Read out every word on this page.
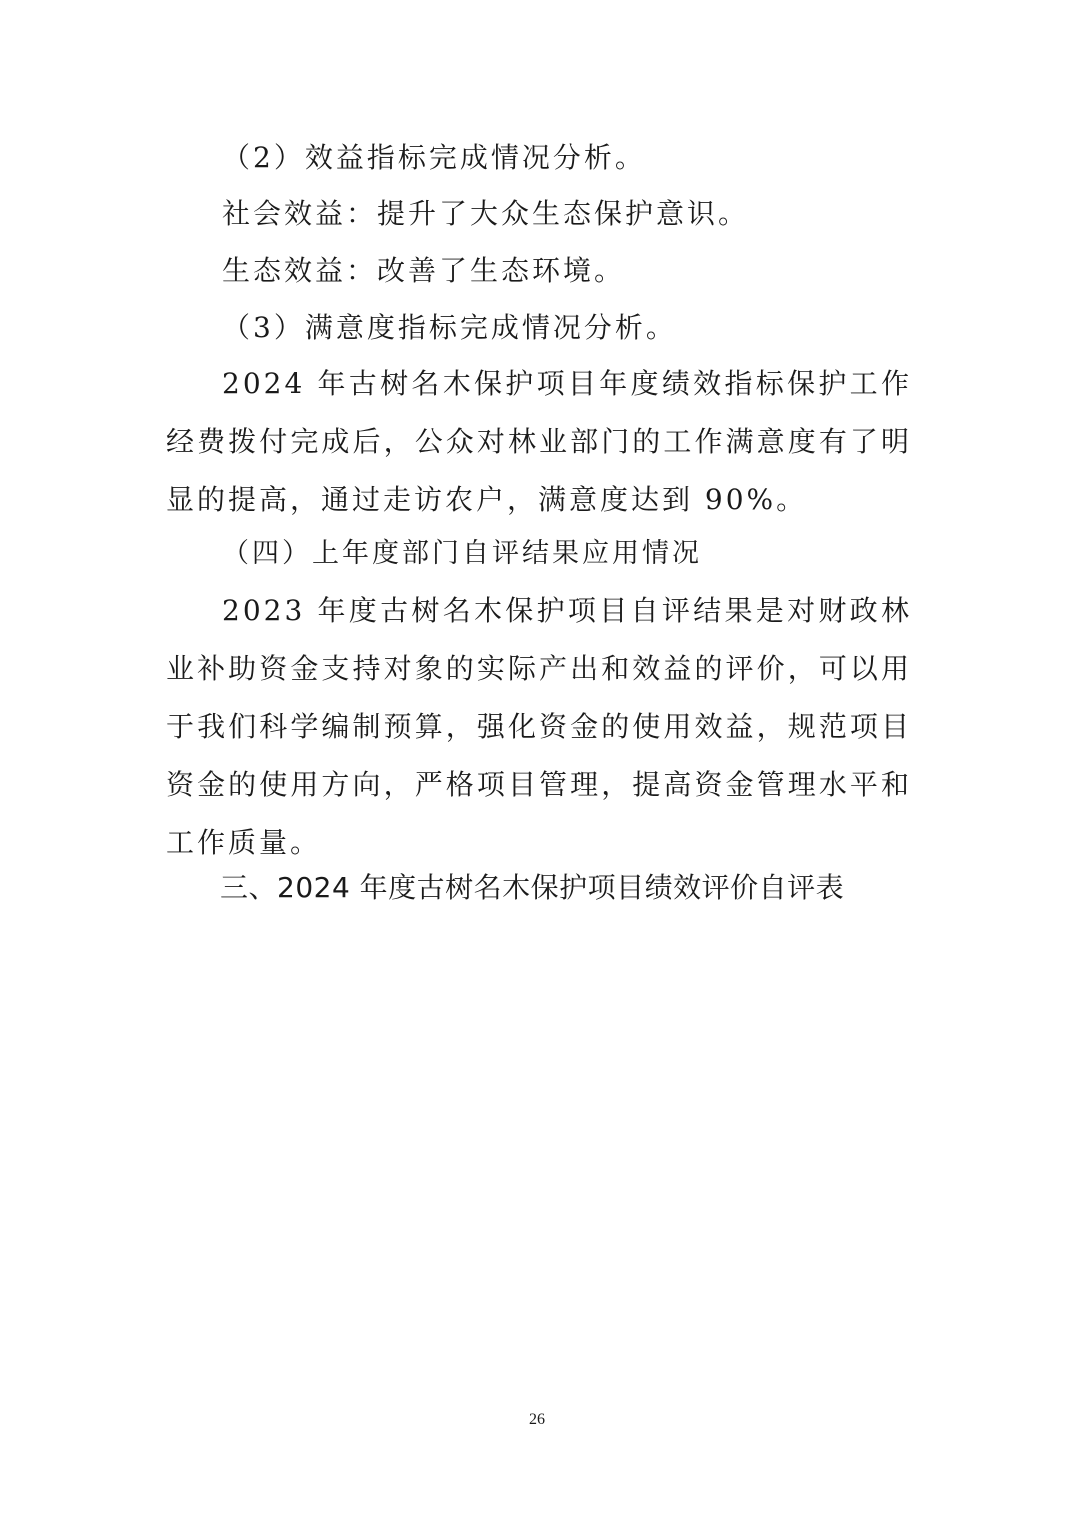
（2）效益指标完成情况分析。
社会效益：提升了大众生态保护意识。
生态效益：改善了生态环境。
（3）满意度指标完成情况分析。
2024 年古树名木保护项目年度绩效指标保护工作经费拨付完成后，公众对林业部门的工作满意度有了明显的提高，通过走访农户，满意度达到 90%。
（四）上年度部门自评结果应用情况
2023 年度古树名木保护项目自评结果是对财政林业补助资金支持对象的实际产出和效益的评价，可以用于我们科学编制预算，强化资金的使用效益，规范项目资金的使用方向，严格项目管理，提高资金管理水平和工作质量。
三、2024 年度古树名木保护项目绩效评价自评表
26
